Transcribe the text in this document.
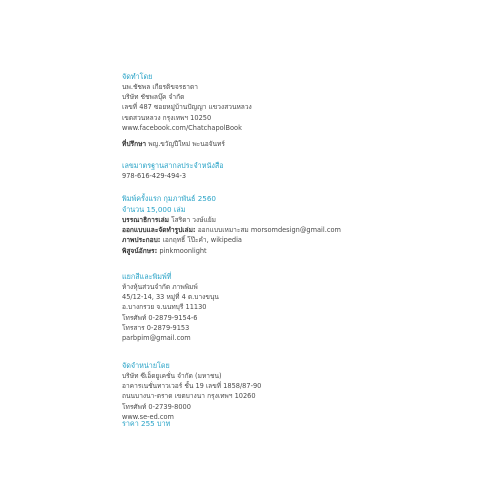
จัดทำโดย
นพ.ชัชพล เกียรติขจรธาดา
บริษัท ชัชพลบุ๊ค จำกัด
เลขที่ 487 ซอยหมู่บ้านปัญญา แขวงสวนหลวง
เขตสวนหลวง กรุงเทพฯ 10250
www.facebook.com/ChatchapolBook
ที่ปรึกษา พญ.ขวัญปีใหม่ พะนอจันทร์
เลขมาตรฐานสากลประจำหนังสือ
978-616-429-494-3
พิมพ์ครั้งแรก กุมภาพันธ์ 2560
จำนวน 15,000 เล่ม
บรรณาธิการเล่ม โสริดา วงษ์แย้ม
ออกแบบและจัดทำรูปเล่ม: ออกแบบเหมาะสม morsomdesign@gmail.com
ภาพประกอบ: เอกฤทธิ์ โป๊ะคำ, wikipedia
พิสูจน์อักษร: pinkmoonlight
แยกสีและพิมพ์ที่
ห้างหุ้นส่วนจำกัด ภาพพิมพ์
45/12-14, 33 หมู่ที่ 4 ต.บางขนุน
อ.บางกรวย จ.นนทบุรี 11130
โทรศัพท์ 0-2879-9154-6
โทรสาร 0-2879-9153
parbpim@gmail.com
จัดจำหน่ายโดย
บริษัท ซีเอ็ดยูเคชั่น จำกัด (มหาชน)
อาคารเนชั่นทาวเวอร์ ชั้น 19 เลขที่ 1858/87-90
ถนนบางนา-ตราด เขตบางนา กรุงเทพฯ 10260
โทรศัพท์ 0-2739-8000
www.se-ed.com
ราคา 255 บาท
